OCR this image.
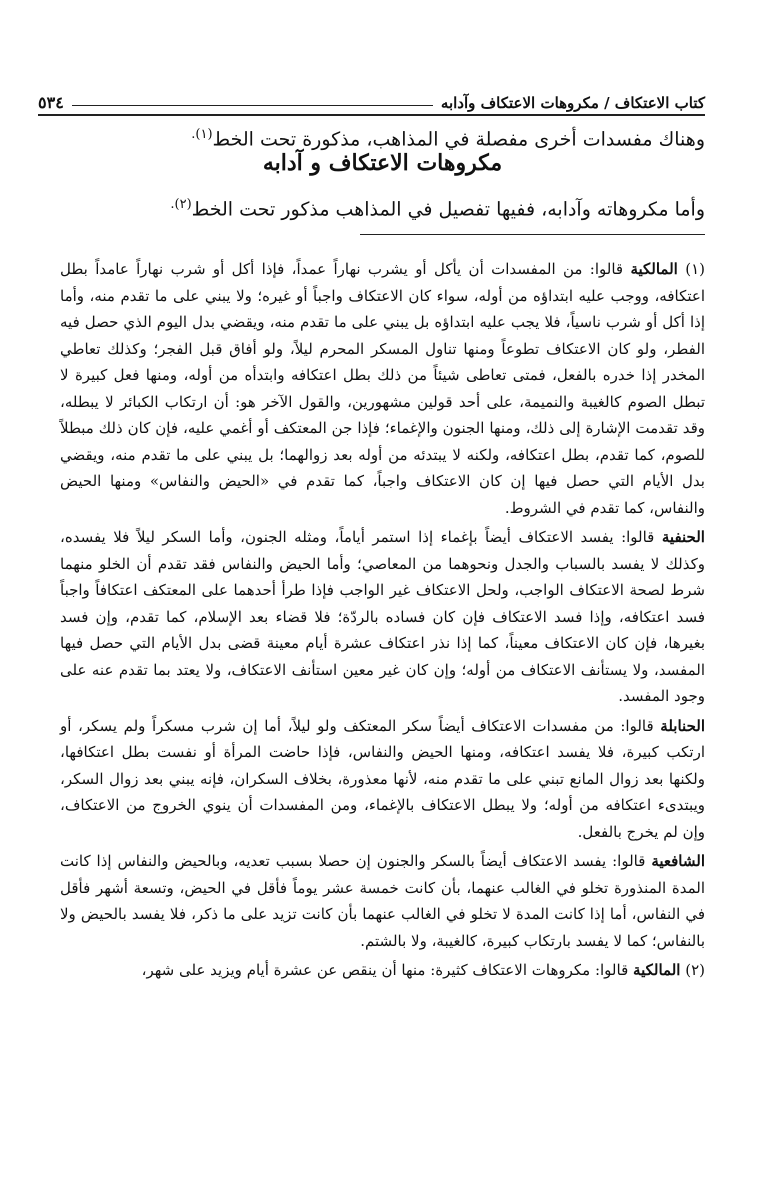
كتاب الاعتكاف / مكروهات الاعتكاف وآدابه
٥٣٤
وهناك مفسدات أخرى مفصلة في المذاهب، مذكورة تحت الخط$^{(١).}$
مكروهات الاعتكاف و آدابه
وأما مكروهاته وآدابه، ففيها تفصيل في المذاهب مذكور تحت الخط$^{(٢).}$

(١) المالكية قالوا: من المفسدات أن يأكل أو يشرب نهاراً عمداً، فإذا أكل أو شرب نهاراً عامداً بطل اعتكافه، ووجب عليه ابتداؤه من أوله، سواء كان الاعتكاف واجباً أو غيره؛ ولا يبني على ما تقدم منه، وأما إذا أكل أو شرب ناسياً، فلا يجب عليه ابتداؤه بل يبني على ما تقدم منه، ويقضي بدل اليوم الذي حصل فيه الفطر، ولو كان الاعتكاف تطوعاً ومنها تناول المسكر المحرم ليلاً، ولو أفاق قبل الفجر؛ وكذلك تعاطي المخدر إذا خدره بالفعل، فمتى تعاطى شيئاً من ذلك بطل اعتكافه وابتدأه من أوله، ومنها فعل كبيرة لا تبطل الصوم كالغيبة والنميمة، على أحد قولين مشهورين، والقول الآخر هو: أن ارتكاب الكبائر لا يبطله، وقد تقدمت الإشارة إلى ذلك، ومنها الجنون والإغماء؛ فإذا جن المعتكف أو أغمي عليه، فإن كان ذلك مبطلاً للصوم، كما تقدم، بطل اعتكافه، ولكنه لا يبتدئه من أوله بعد زوالهما؛ بل يبني على ما تقدم منه، ويقضي بدل الأيام التي حصل فيها إن كان الاعتكاف واجباً، كما تقدم في «الحيض والنفاس» ومنها الحيض والنفاس، كما تقدم في الشروط.

الحنفية قالوا: يفسد الاعتكاف أيضاً بإغماء إذا استمر أياماً، ومثله الجنون، وأما السكر ليلاً فلا يفسده، وكذلك لا يفسد بالسباب والجدل ونحوهما من المعاصي؛ وأما الحيض والنفاس فقد تقدم أن الخلو منهما شرط لصحة الاعتكاف الواجب، ولحل الاعتكاف غير الواجب فإذا طرأ أحدهما على المعتكف اعتكافاً واجباً فسد اعتكافه، وإذا فسد الاعتكاف فإن كان فساده بالردّة؛ فلا قضاء بعد الإسلام، كما تقدم، وإن فسد بغيرها، فإن كان الاعتكاف معيناً، كما إذا نذر اعتكاف عشرة أيام معينة قضى بدل الأيام التي حصل فيها المفسد، ولا يستأنف الاعتكاف من أوله؛ وإن كان غير معين استأنف الاعتكاف، ولا يعتد بما تقدم عنه على وجود المفسد.

الحنابلة قالوا: من مفسدات الاعتكاف أيضاً سكر المعتكف ولو ليلاً، أما إن شرب مسكراً ولم يسكر، أو ارتكب كبيرة، فلا يفسد اعتكافه، ومنها الحيض والنفاس، فإذا حاضت المرأة أو نفست بطل اعتكافها، ولكنها بعد زوال المانع تبني على ما تقدم منه، لأنها معذورة، بخلاف السكران، فإنه يبني بعد زوال السكر، ويبتدىء اعتكافه من أوله؛ ولا يبطل الاعتكاف بالإغماء، ومن المفسدات أن ينوي الخروج من الاعتكاف، وإن لم يخرج بالفعل.

الشافعية قالوا: يفسد الاعتكاف أيضاً بالسكر والجنون إن حصلا بسبب تعديه، وبالحيض والنفاس إذا كانت المدة المنذورة تخلو في الغالب عنهما، بأن كانت خمسة عشر يوماً فأقل في الحيض، وتسعة أشهر فأقل في النفاس، أما إذا كانت المدة لا تخلو في الغالب عنهما بأن كانت تزيد على ما ذكر، فلا يفسد بالحيض ولا بالنفاس؛ كما لا يفسد بارتكاب كبيرة، كالغيبة، ولا بالشتم.

(٢) المالكية قالوا: مكروهات الاعتكاف كثيرة: منها أن ينقص عن عشرة أيام ويزيد على شهر،
